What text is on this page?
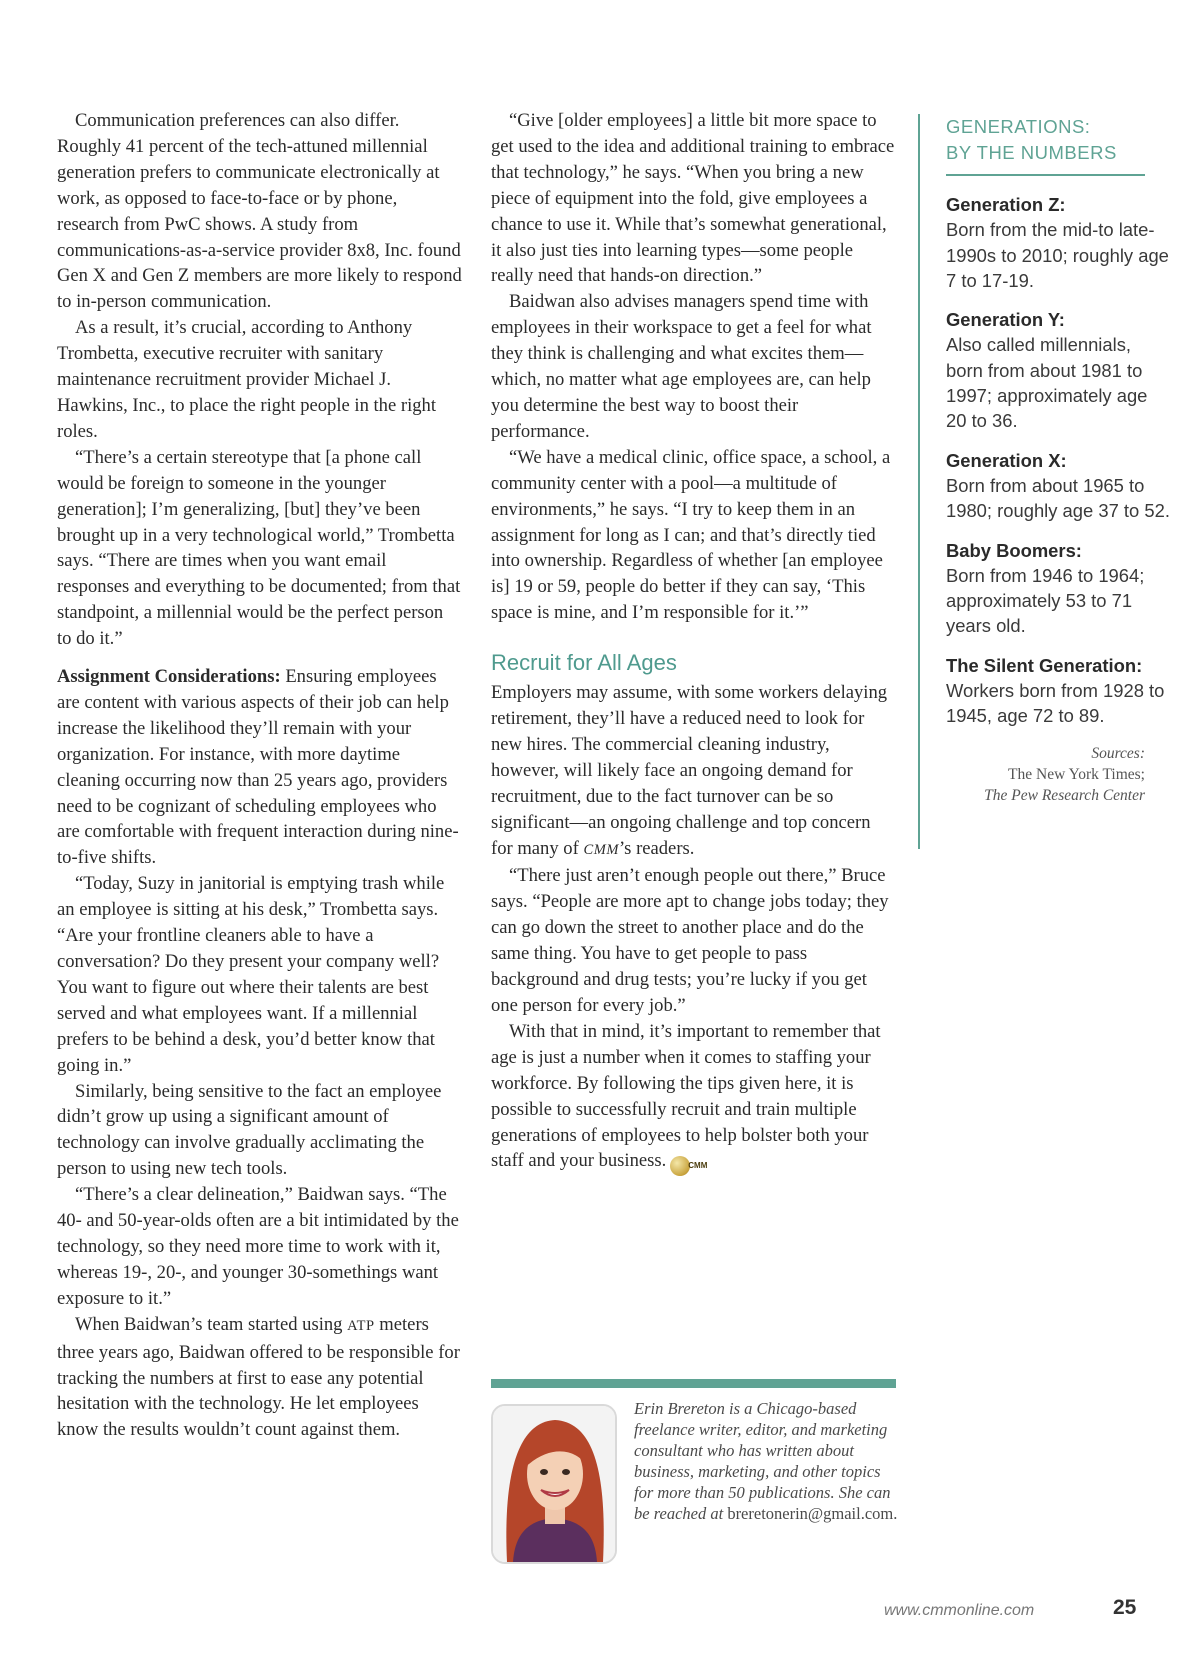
Communication preferences can also differ. Roughly 41 percent of the tech-attuned millennial generation prefers to communicate electronically at work, as opposed to face-to-face or by phone, research from PwC shows. A study from communications-as-a-service provider 8x8, Inc. found Gen X and Gen Z members are more likely to respond to in-person communication.

As a result, it’s crucial, according to Anthony Trombetta, executive recruiter with sanitary maintenance recruitment provider Michael J. Hawkins, Inc., to place the right people in the right roles.

“There’s a certain stereotype that [a phone call would be foreign to someone in the younger generation]; I’m generalizing, [but] they’ve been brought up in a very technological world,” Trombetta says. “There are times when you want email responses and everything to be documented; from that standpoint, a millennial would be the perfect person to do it.”

Assignment Considerations: Ensuring employees are content with various aspects of their job can help increase the likelihood they’ll remain with your organization. For instance, with more daytime cleaning occurring now than 25 years ago, providers need to be cognizant of scheduling employees who are comfortable with frequent interaction during nine-to-five shifts.

“Today, Suzy in janitorial is emptying trash while an employee is sitting at his desk,” Trombetta says. “Are your frontline cleaners able to have a conversation? Do they present your company well? You want to figure out where their talents are best served and what employees want. If a millennial prefers to be behind a desk, you’d better know that going in.”

Similarly, being sensitive to the fact an employee didn’t grow up using a significant amount of technology can involve gradually acclimating the person to using new tech tools.

“There’s a clear delineation,” Baidwan says. “The 40- and 50-year-olds often are a bit intimidated by the technology, so they need more time to work with it, whereas 19-, 20-, and younger 30-somethings want exposure to it.”

When Baidwan’s team started using ATP meters three years ago, Baidwan offered to be responsible for tracking the numbers at first to ease any potential hesitation with the technology. He let employees know the results wouldn’t count against them.

“Give [older employees] a little bit more space to get used to the idea and additional training to embrace that technology,” he says. “When you bring a new piece of equipment into the fold, give employees a chance to use it. While that’s somewhat generational, it also just ties into learning types—some people really need that hands-on direction.”

Baidwan also advises managers spend time with employees in their workspace to get a feel for what they think is challenging and what excites them—which, no matter what age employees are, can help you determine the best way to boost their performance.

“We have a medical clinic, office space, a school, a community center with a pool—a multitude of environments,” he says. “I try to keep them in an assignment for long as I can; and that’s directly tied into ownership. Regardless of whether [an employee is] 19 or 59, people do better if they can say, ‘This space is mine, and I’m responsible for it.’”

Recruit for All Ages

Employers may assume, with some workers delaying retirement, they’ll have a reduced need to look for new hires. The commercial cleaning industry, however, will likely face an ongoing demand for recruitment, due to the fact turnover can be so significant—an ongoing challenge and top concern for many of CMM’s readers.

“There just aren’t enough people out there,” Bruce says. “People are more apt to change jobs today; they can go down the street to another place and do the same thing. You have to get people to pass background and drug tests; you’re lucky if you get one person for every job.”

With that in mind, it’s important to remember that age is just a number when it comes to staffing your workforce. By following the tips given here, it is possible to successfully recruit and train multiple generations of employees to help bolster both your staff and your business.	CMM

Erin Brereton is a Chicago-based freelance writer, editor, and marketing consultant who has written about business, marketing, and other topics for more than 50 publications. She can be reached at breretonerin@gmail.com.
GENERATIONS:
BY THE NUMBERS
Generation Z:
Born from the mid-to late-1990s to 2010; roughly age 7 to 17-19.
Generation Y:
Also called millennials, born from about 1981 to 1997; approximately age 20 to 36.
Generation X:
Born from about 1965 to 1980; roughly age 37 to 52.
Baby Boomers:
Born from 1946 to 1964; approximately 53 to 71 years old.
The Silent Generation:
Workers born from 1928 to 1945, age 72 to 89.
Sources:
The New York Times;
The Pew Research Center
www.cmmonline.com	25
